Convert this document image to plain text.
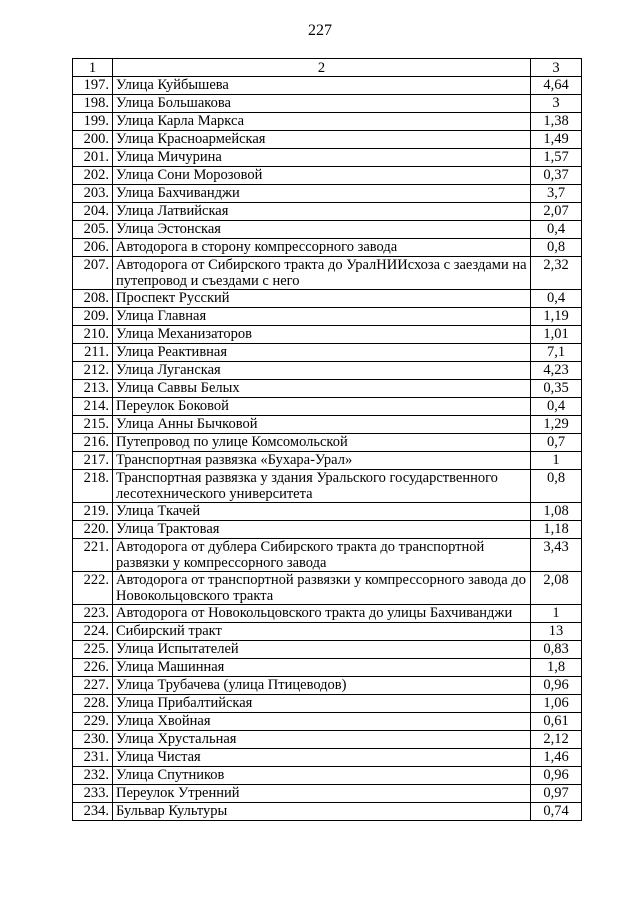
227
1	2	3
197.	Улица Куйбышева	4,64
198.	Улица Большакова	3
199.	Улица Карла Маркса	1,38
200.	Улица Красноармейская	1,49
201.	Улица Мичурина	1,57
202.	Улица Сони Морозовой	0,37
203.	Улица Бахчиванджи	3,7
204.	Улица Латвийская	2,07
205.	Улица Эстонская	0,4
206.	Автодорога в сторону компрессорного завода	0,8
207.	Автодорога от Сибирского тракта до УралНИИсхоза с заездами на путепровод и съездами с него	2,32
208.	Проспект Русский	0,4
209.	Улица Главная	1,19
210.	Улица Механизаторов	1,01
211.	Улица Реактивная	7,1
212.	Улица Луганская	4,23
213.	Улица Саввы Белых	0,35
214.	Переулок Боковой	0,4
215.	Улица Анны Бычковой	1,29
216.	Путепровод по улице Комсомольской	0,7
217.	Транспортная развязка «Бухара-Урал»	1
218.	Транспортная развязка у здания Уральского государственного лесотехнического университета	0,8
219.	Улица Ткачей	1,08
220.	Улица Трактовая	1,18
221.	Автодорога от дублера Сибирского тракта до транспортной развязки у компрессорного завода	3,43
222.	Автодорога от транспортной развязки у компрессорного завода до Новокольцовского тракта	2,08
223.	Автодорога от Новокольцовского тракта до улицы Бахчиванджи	1
224.	Сибирский тракт	13
225.	Улица Испытателей	0,83
226.	Улица Машинная	1,8
227.	Улица Трубачева (улица Птицеводов)	0,96
228.	Улица Прибалтийская	1,06
229.	Улица Хвойная	0,61
230.	Улица Хрустальная	2,12
231.	Улица Чистая	1,46
232.	Улица Спутников	0,96
233.	Переулок Утренний	0,97
234.	Бульвар Культуры	0,74
